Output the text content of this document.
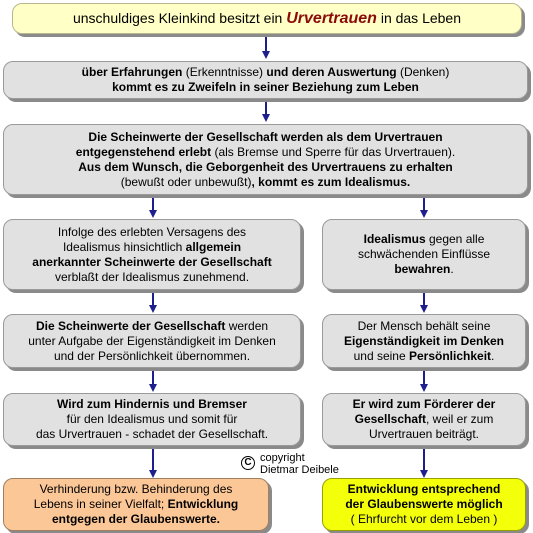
unschuldiges Kleinkind besitzt ein Urvertrauen in das Leben
über Erfahrungen (Erkenntnisse) und deren Auswertung (Denken)
kommt es zu Zweifeln in seiner Beziehung zum Leben
Die Scheinwerte der Gesellschaft werden als dem Urvertrauen
entgegenstehend erlebt (als Bremse und Sperre für das Urvertrauen).
Aus dem Wunsch, die Geborgenheit des Urvertrauens zu erhalten
(bewußt oder unbewußt), kommt es zum Idealismus.
Infolge des erlebten Versagens des
Idealismus hinsichtlich allgemein
anerkannter Scheinwerte der Gesellschaft
verblaßt der Idealismus zunehmend.
Die Scheinwerte der Gesellschaft werden
unter Aufgabe der Eigenständigkeit im Denken
und der Persönlichkeit übernommen.
Wird zum Hindernis und Bremser
für den Idealismus und somit für
das Urvertrauen - schadet der Gesellschaft.
Verhinderung bzw. Behinderung des
Lebens in seiner Vielfalt; Entwicklung
entgegen der Glaubenswerte.
Idealismus gegen alle
schwächenden Einflüsse
bewahren.
Der Mensch behält seine
Eigenständigkeit im Denken
und seine Persönlichkeit.
Er wird zum Förderer der
Gesellschaft, weil er zum
Urvertrauen beiträgt.
Entwicklung entsprechend
der Glaubenswerte möglich
( Ehrfurcht vor dem Leben )
C copyright
Dietmar Deibele
